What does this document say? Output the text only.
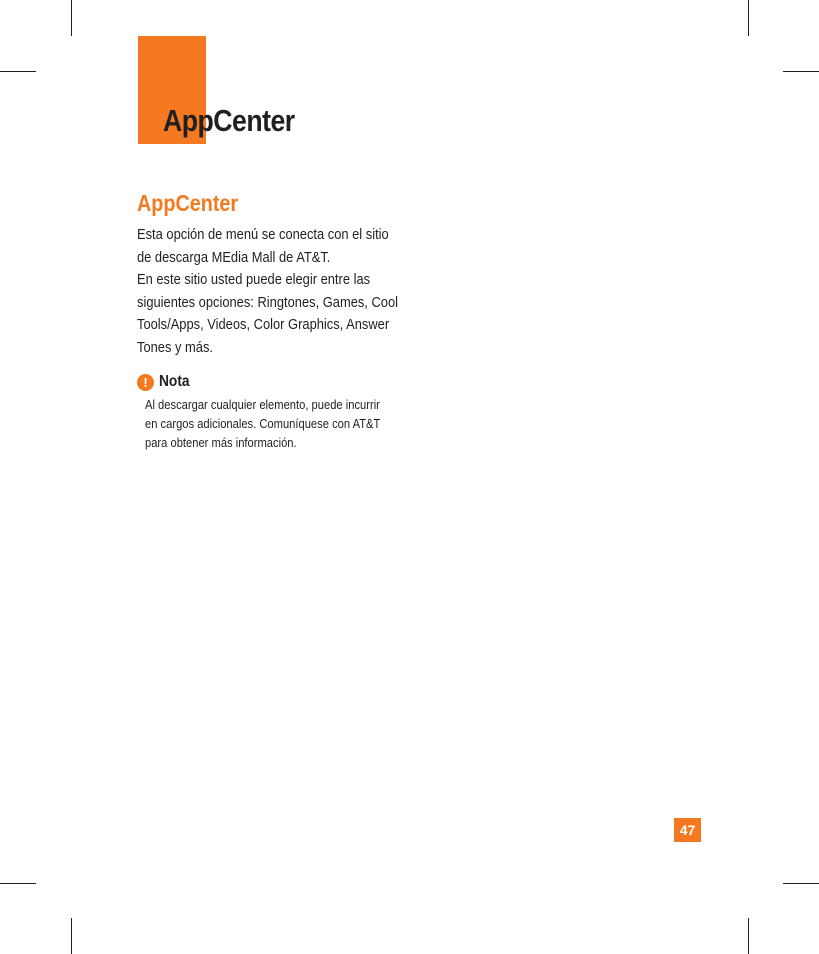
AppCenter
AppCenter

Esta opción de menú se conecta con el sitio

de descarga MEdia Mall de AT&T.

En este sitio usted puede elegir entre las

siguientes opciones: Ringtones, Games, Cool

Tools/Apps, Videos, Color Graphics, Answer

Tones y más.

! Nota

Al descargar cualquier elemento, puede incurrir

en cargos adicionales. Comuníquese con AT&T

para obtener más información.

47
